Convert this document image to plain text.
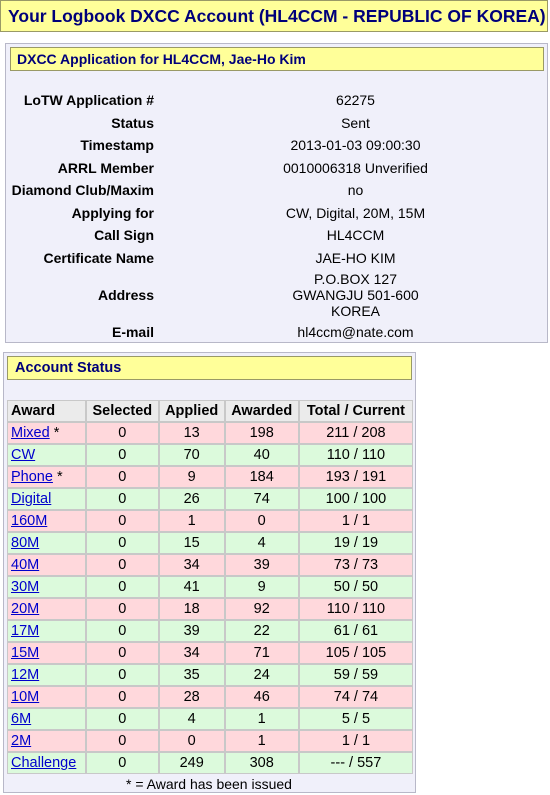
Your Logbook DXCC Account (HL4CCM - REPUBLIC OF KOREA)
DXCC Application for HL4CCM, Jae-Ho Kim
LoTW Application #	62275
Status	Sent
Timestamp	2013-01-03 09:00:30
ARRL Member	0010006318 Unverified
Diamond Club/Maxim	no
Applying for	CW, Digital, 20M, 15M
Call Sign	HL4CCM
Certificate Name	JAE-HO KIM
Address	P.O.BOX 127
GWANGJU 501-600
KOREA

E-mail	hl4ccm@nate.com
Account Status
Award	Selected	Applied	Awarded	Total / Current
Mixed *	0	13	198	211 / 208
CW	0	70	40	110 / 110
Phone *	0	9	184	193 / 191
Digital	0	26	74	100 / 100
160M	0	1	0	1 / 1
80M	0	15	4	19 / 19
40M	0	34	39	73 / 73
30M	0	41	9	50 / 50
20M	0	18	92	110 / 110
17M	0	39	22	61 / 61
15M	0	34	71	105 / 105
12M	0	35	24	59 / 59
10M	0	28	46	74 / 74
6M	0	4	1	5 / 5
2M	0	0	1	1 / 1
Challenge	0	249	308	--- / 557
* = Award has been issued
